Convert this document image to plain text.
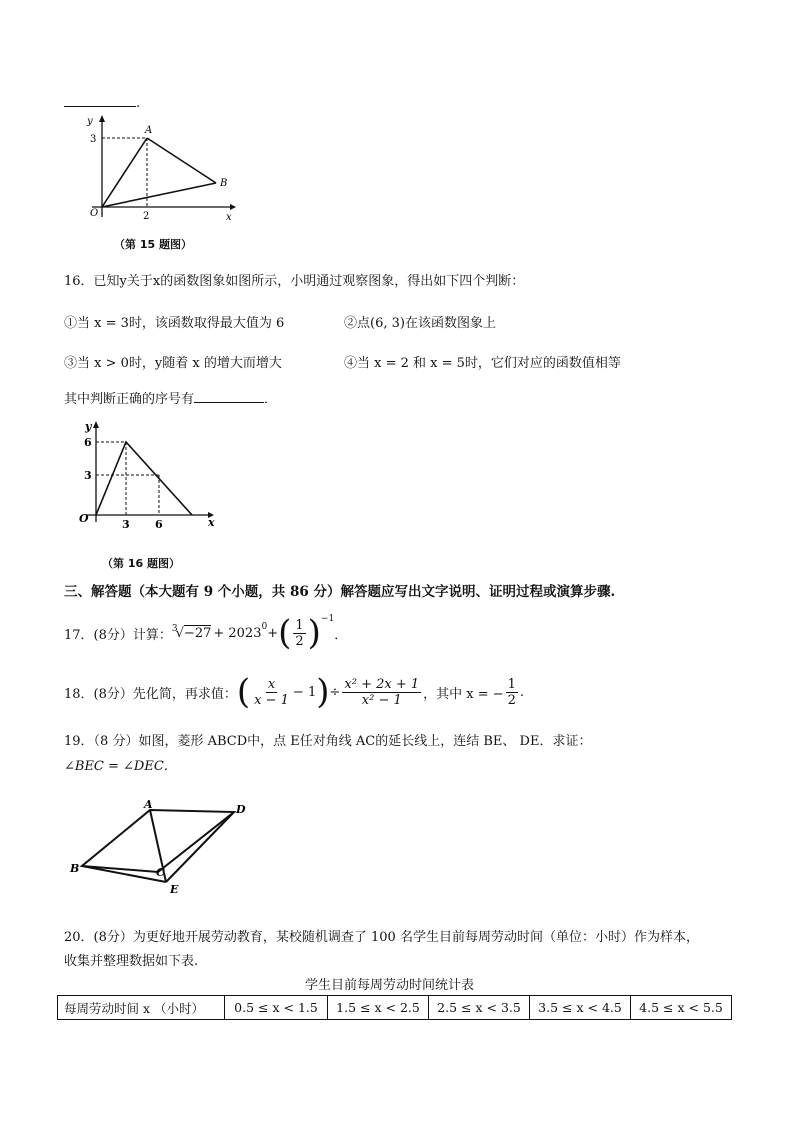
.
y
3
A
B
O	2	x
（第 15 题图）
16．已知y关于x的函数图象如图所示，小明通过观察图象，得出如下四个判断：
①当 x = 3时，该函数取得最大值为 6	②点(6, 3)在该函数图象上
③当 x > 0时，y随着 x 的增大而增大	④当 x = 2 和 x = 5时，它们对应的函数值相等
其中判断正确的序号有	．
y
6
3
O	3 6	x
（第 16 题图）
三、解答题（本大题有 9 个小题，共 86 分）解答题应写出文字说明、证明过程或演算步骤.
17．(8分）计算：$^3$
√ $-27 + 2023^0$ + ( $\frac{1}{2} )^{-1}$
．
18．(8分）先化简，再求值： ( $\frac{x}{x - 1} - 1$ ) ÷ $\frac{\text{x² + 2x + 1}}{\text{x² − 1}}$ ，其中 x = − $\frac{1}{2}$ .
19．（8 分）如图，菱形 ABCD中，点 E任对角线 AC的延长线上，连结 BE、 DE．求证：
∠BEC = ∠DEC．
A	D
B	C
E
20．(8分）为更好地开展劳动教育，某校随机调查了 100 名学生目前每周劳动时间（单位：小时）作为样本，
收集并整理数据如下表.
学生目前每周劳动时间统计表
每周劳动时间 x （小时）	0.5 ≤ x < 1.5	1.5 ≤ x < 2.5	2.5 ≤ x < 3.5	3.5 ≤ x < 4.5	4.5 ≤ x < 5.5
